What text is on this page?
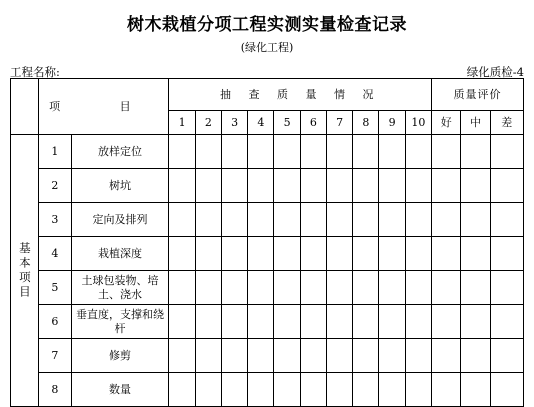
树木栽植分项工程实测实量检查记录
(绿化工程)
工程名称:	绿化质检-4
	项 目		抽 查 质 量 情 况										质量评价		
			1	2	3	4	5	6	7	8	9	10	好	中	差

基本项目	1	放样定位													
	2	树坑													
	3	定向及排列													
	4	栽植深度													
	5	土球包装物、培土、浇水													
	6	垂直度，支撑和绕杆													
	7	修剪													
	8	数量													
